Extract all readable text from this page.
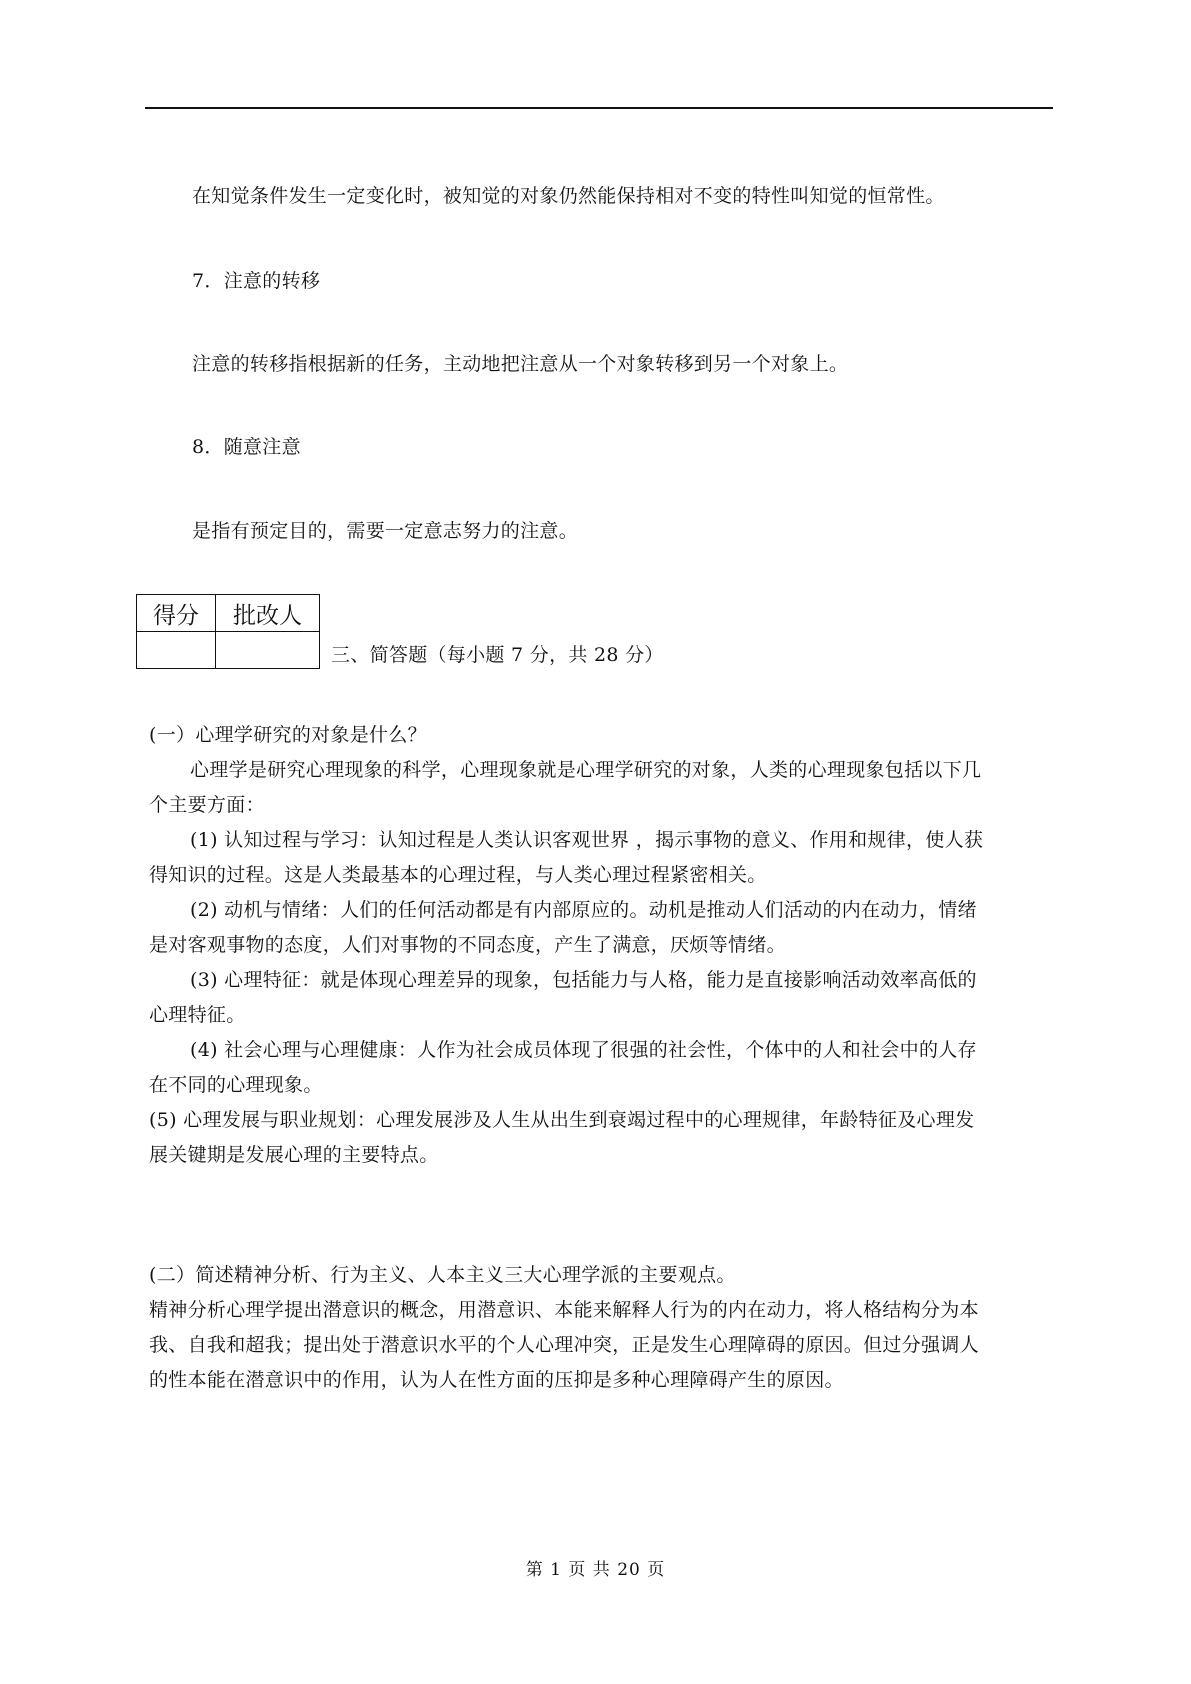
在知觉条件发生一定变化时，被知觉的对象仍然能保持相对不变的特性叫知觉的恒常性。
7．注意的转移
注意的转移指根据新的任务，主动地把注意从一个对象转移到另一个对象上。
8．随意注意
是指有预定目的，需要一定意志努力的注意。
得分	批改人

三、简答题（每小题 7 分，共 28 分）
(一）心理学研究的对象是什么？
心理学是研究心理现象的科学，心理现象就是心理学研究的对象，人类的心理现象包括以下几
个主要方面：
(1) 认知过程与学习：认知过程是人类认识客观世界 ，揭示事物的意义、作用和规律，使人获
得知识的过程。这是人类最基本的心理过程，与人类心理过程紧密相关。
(2) 动机与情绪：人们的任何活动都是有内部原应的。动机是推动人们活动的内在动力，情绪
是对客观事物的态度，人们对事物的不同态度，产生了满意，厌烦等情绪。
(3) 心理特征：就是体现心理差异的现象，包括能力与人格，能力是直接影响活动效率高低的
心理特征。
(4) 社会心理与心理健康：人作为社会成员体现了很强的社会性，个体中的人和社会中的人存
在不同的心理现象。
(5) 心理发展与职业规划：心理发展涉及人生从出生到衰竭过程中的心理规律，年龄特征及心理发
展关键期是发展心理的主要特点。
(二）简述精神分析、行为主义、人本主义三大心理学派的主要观点。
精神分析心理学提出潜意识的概念，用潜意识、本能来解释人行为的内在动力，将人格结构分为本
我、自我和超我；提出处于潜意识水平的个人心理冲突，正是发生心理障碍的原因。但过分强调人
的性本能在潜意识中的作用，认为人在性方面的压抑是多种心理障碍产生的原因。
第 1 页 共 20 页
